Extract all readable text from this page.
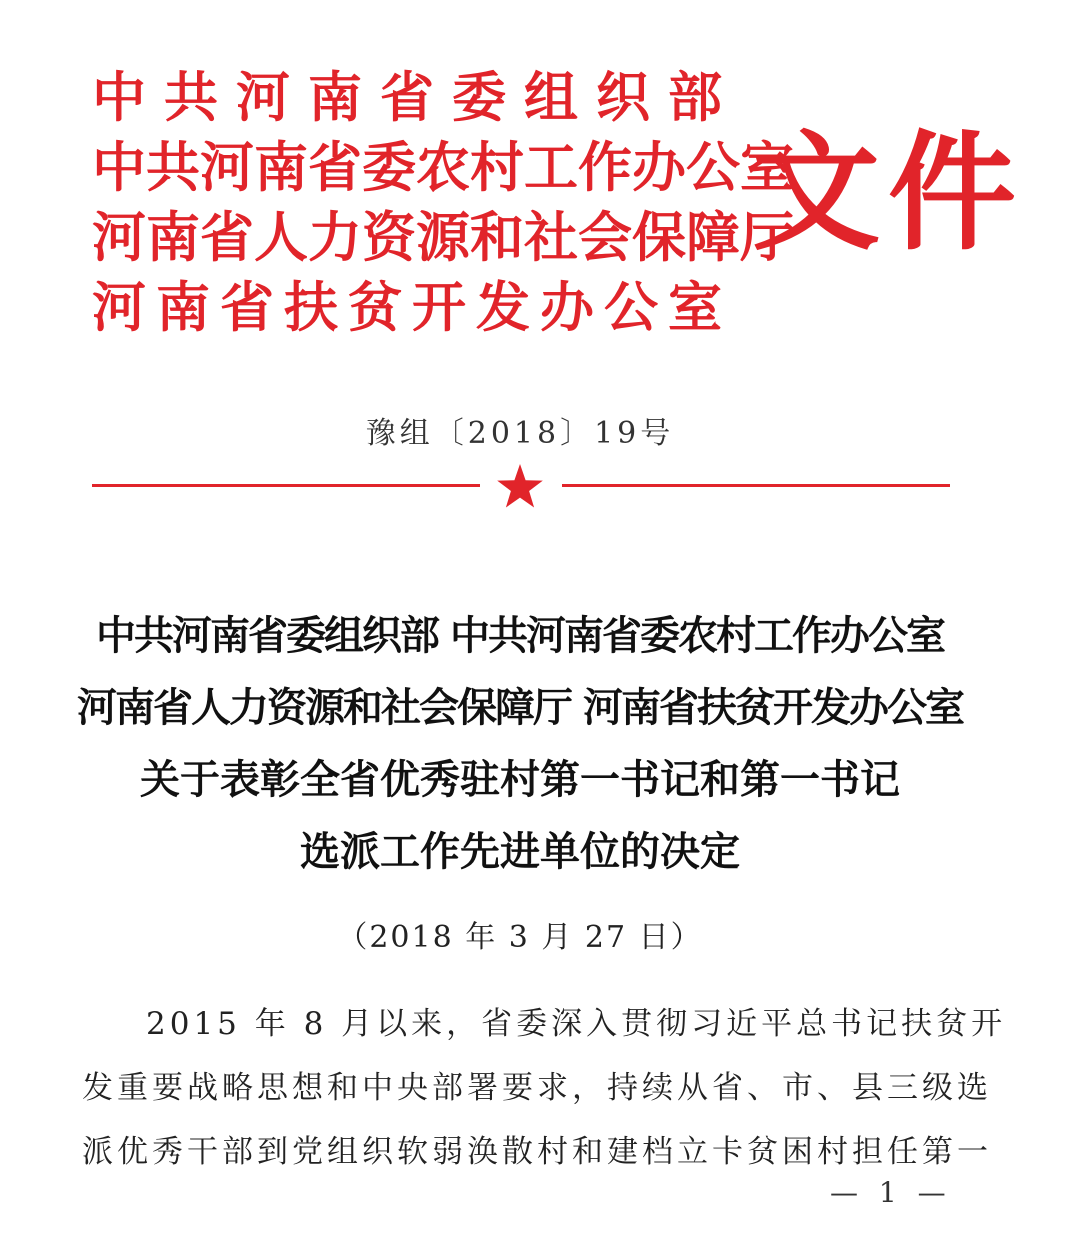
中共河南省委组织部
中共河南省委农村工作办公室
河南省人力资源和社会保障厅
河南省扶贫开发办公室
文件
豫组〔2018〕19号
中共河南省委组织部 中共河南省委农村工作办公室
河南省人力资源和社会保障厅 河南省扶贫开发办公室
关于表彰全省优秀驻村第一书记和第一书记
选派工作先进单位的决定
（2018 年 3 月 27 日）
2015 年 8 月以来，省委深入贯彻习近平总书记扶贫开
发重要战略思想和中央部署要求，持续从省、市、县三级选
派优秀干部到党组织软弱涣散村和建档立卡贫困村担任第一
— 1 —
